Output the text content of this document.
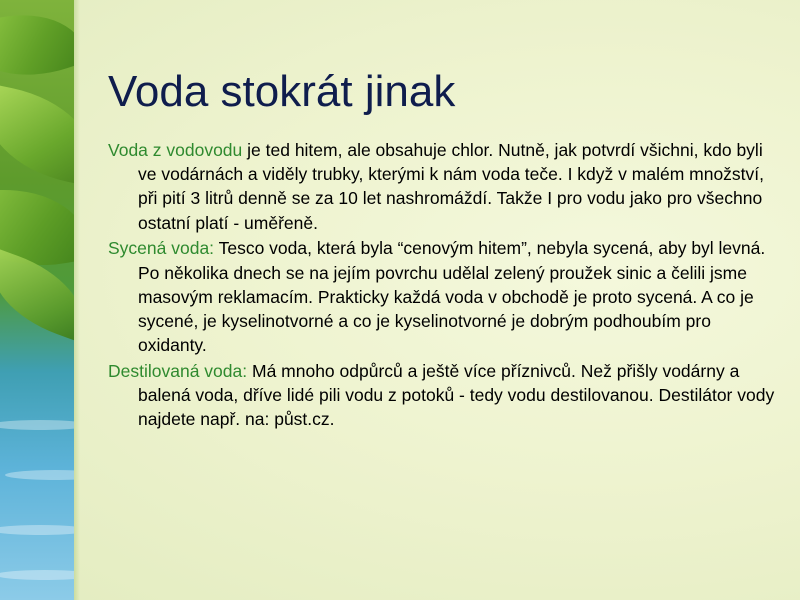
Voda stokrát jinak

Voda z vodovodu je ted hitem, ale obsahuje chlor. Nutně, jak potvrdí všichni, kdo byli ve vodárnách a viděly trubky, kterými k nám voda teče. I když v malém množství, při pití 3 litrů denně se za 10 let nashromáždí. Takže I pro vodu jako pro všechno ostatní platí - uměřeně.

Sycená voda: Tesco voda, která byla “cenovým hitem”, nebyla sycená, aby byl levná. Po několika dnech se na jejím povrchu udělal zelený proužek sinic a čelili jsme masovým reklamacím. Prakticky každá voda v obchodě je proto sycená. A co je sycené, je kyselinotvorné a co je kyselinotvorné je dobrým podhoubím pro oxidanty.

Destilovaná voda: Má mnoho odpůrců a ještě více příznivců. Než přišly vodárny a balená voda, dříve lidé pili vodu z potoků - tedy vodu destilovanou. Destilátor vody najdete např. na: půst.cz.
